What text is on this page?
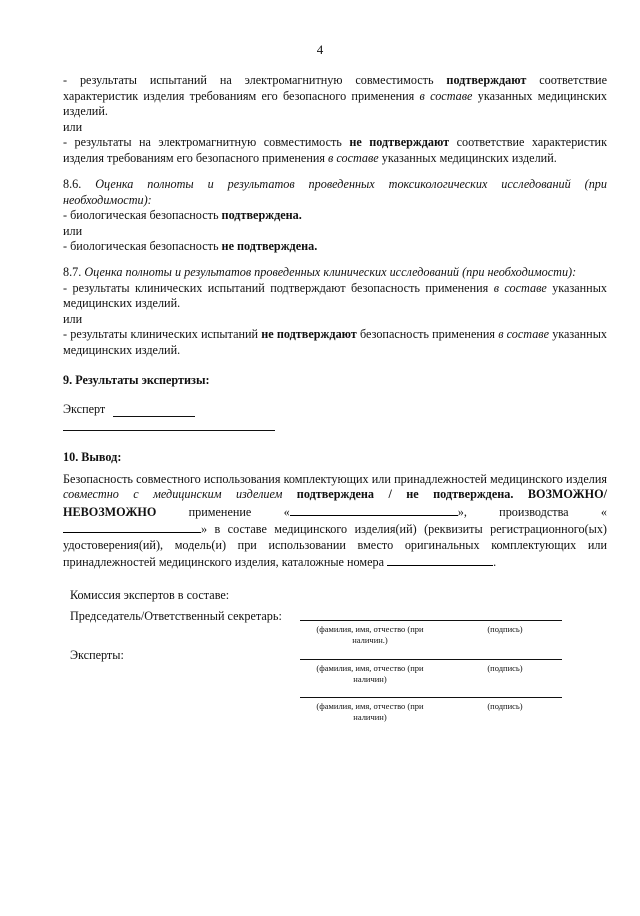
4

- результаты испытаний на электромагнитную совместимость подтверждают соответствие характеристик изделия требованиям его безопасного применения в составе указанных медицинских изделий.

или

- результаты на электромагнитную совместимость не подтверждают соответствие характеристик изделия требованиям его безопасного применения в составе указанных медицинских изделий.

8.6. Оценка полноты и результатов проведенных токсикологических исследований (при необходимости):

- биологическая безопасность подтверждена.

или

- биологическая безопасность не подтверждена.

8.7. Оценка полноты и результатов проведенных клинических исследований (при необходимости):

- результаты клинических испытаний подтверждают безопасность применения в составе указанных медицинских изделий.

или

- результаты клинических испытаний не подтверждают безопасность применения в составе указанных медицинских изделий.

9. Результаты экспертизы:

Эксперт

10. Вывод:

Безопасность совместного использования комплектующих или принадлежностей медицинского изделия совместно с медицинским изделием подтверждена / не подтверждена. ВОЗМОЖНО/НЕВОЗМОЖНО применение «	», производства «» в составе медицинского изделия(ий) (реквизиты регистрационного(ых) удостоверения(ий), модель(и) при использовании вместо оригинальных комплектующих или принадлежностей медицинского изделия, каталожные номера	.

Комиссия экспертов в составе:
Председатель/Ответственный секретарь:
(фамилия, имя, отчество (при
наличин.)
(подпись)
Эксперты:
(фамилия, имя, отчество (при
наличин)
(подпись)
(фамилия, имя, отчество (при
наличин)
(подпись)
